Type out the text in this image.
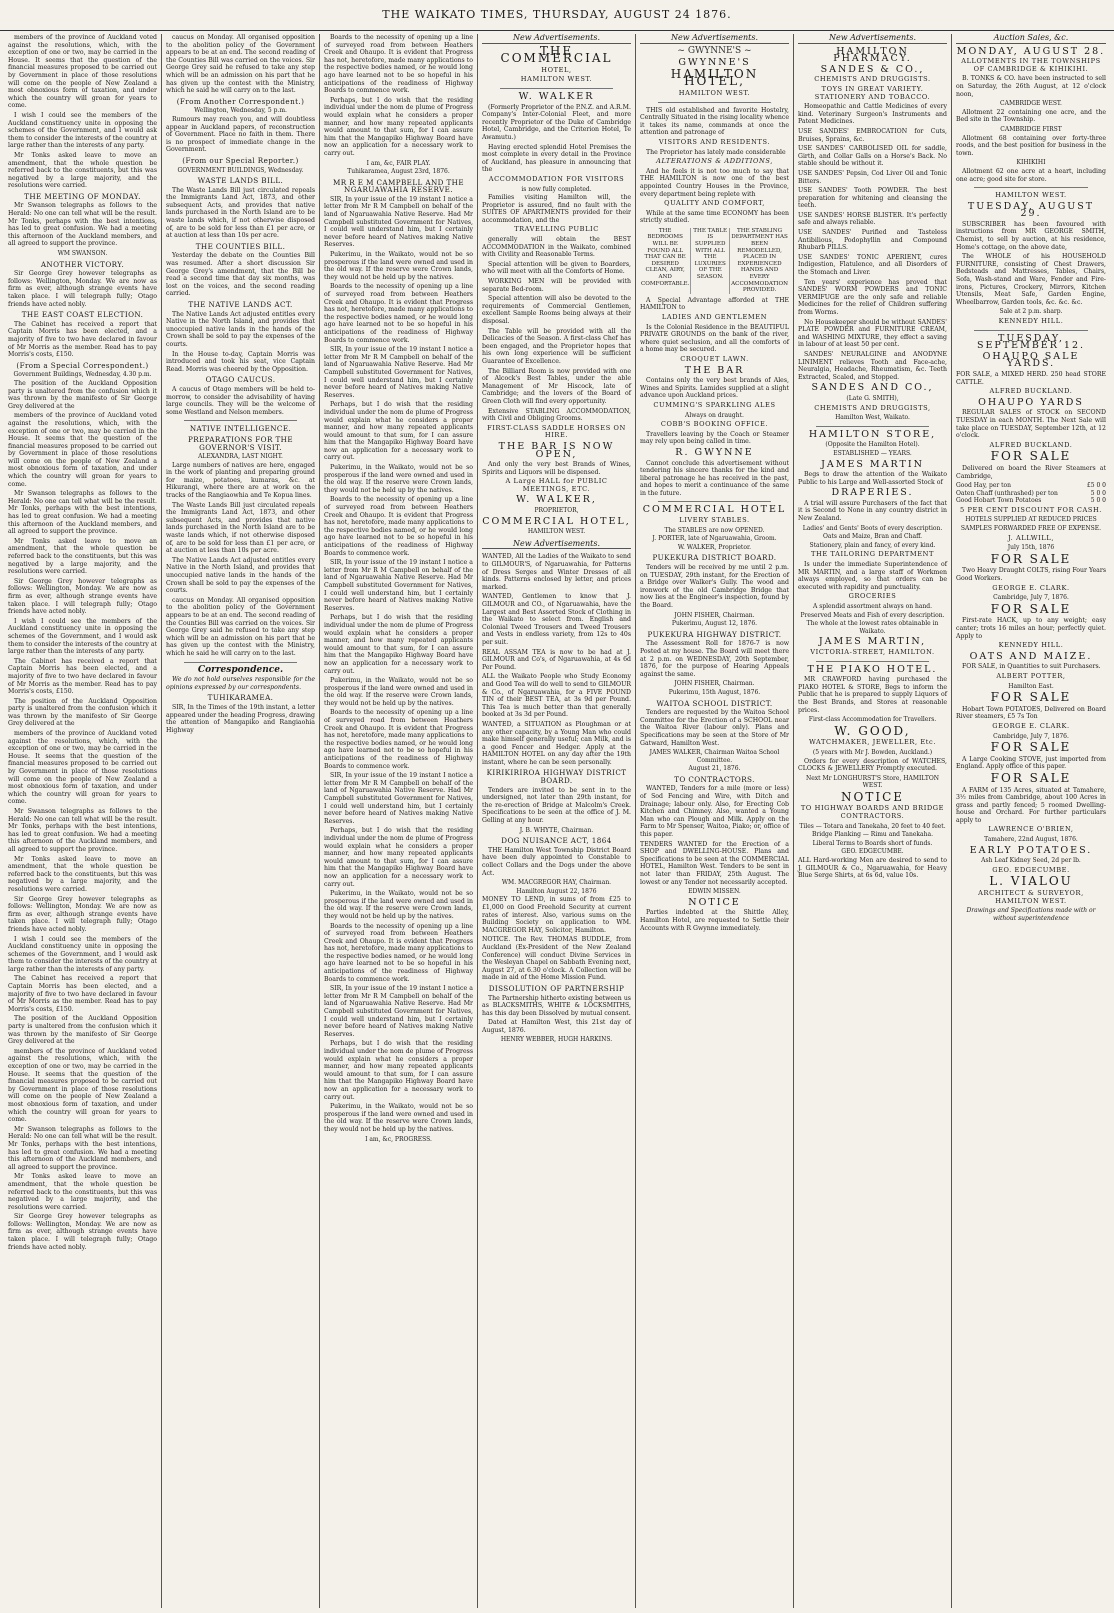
THE WAIKATO TIMES, THURSDAY, AUGUST 24 1876.

members of the province of Auckland voted against the resolutions, which, with the exception of one or two, may be carried in the House. It seems that the question of the financial measures proposed to be carried out by Government in place of those resolutions will come on the people of New Zealand a most obnoxious form of taxation, and under which the country will groan for years to come.

I wish I could see the members of the Auckland constituency unite in opposing the schemes of the Government, and I would ask them to consider the interests of the country at large rather than the interests of any party.

Mr Tonks asked leave to move an amendment, that the whole question be referred back to the constituents, but this was negatived by a large majority, and the resolutions were carried.

THE MEETING OF MONDAY.

Mr Swanson telegraphs as follows to the Herald: No one can tell what will be the result. Mr Tonks, perhaps with the best intentions, has led to great confusion. We had a meeting this afternoon of the Auckland members, and all agreed to support the province.

WM SWANSON.
ANOTHER VICTORY.

Sir George Grey however telegraphs as follows: Wellington, Monday. We are now as firm as ever, although strange events have taken place. I will telegraph fully; Otago friends have acted nobly.

THE EAST COAST ELECTION.

The Cabinet has received a report that Captain Morris has been elected, and a majority of five to two have declared in favour of Mr Morris as the member. Read has to pay Morris's costs, £150.

(From a Special Correspondent.)
Government Buildings, Wednesday, 4.30 p.m.

The position of the Auckland Opposition party is unaltered from the confusion which it was thrown by the manifesto of Sir George Grey delivered at the

members of the province of Auckland voted against the resolutions, which, with the exception of one or two, may be carried in the House. It seems that the question of the financial measures proposed to be carried out by Government in place of those resolutions will come on the people of New Zealand a most obnoxious form of taxation, and under which the country will groan for years to come.

Mr Swanson telegraphs as follows to the Herald: No one can tell what will be the result. Mr Tonks, perhaps with the best intentions, has led to great confusion. We had a meeting this afternoon of the Auckland members, and all agreed to support the province.

Mr Tonks asked leave to move an amendment, that the whole question be referred back to the constituents, but this was negatived by a large majority, and the resolutions were carried.

Sir George Grey however telegraphs as follows: Wellington, Monday. We are now as firm as ever, although strange events have taken place. I will telegraph fully; Otago friends have acted nobly.

I wish I could see the members of the Auckland constituency unite in opposing the schemes of the Government, and I would ask them to consider the interests of the country at large rather than the interests of any party.

The Cabinet has received a report that Captain Morris has been elected, and a majority of five to two have declared in favour of Mr Morris as the member. Read has to pay Morris's costs, £150.

The position of the Auckland Opposition party is unaltered from the confusion which it was thrown by the manifesto of Sir George Grey delivered at the

members of the province of Auckland voted against the resolutions, which, with the exception of one or two, may be carried in the House. It seems that the question of the financial measures proposed to be carried out by Government in place of those resolutions will come on the people of New Zealand a most obnoxious form of taxation, and under which the country will groan for years to come.

Mr Swanson telegraphs as follows to the Herald: No one can tell what will be the result. Mr Tonks, perhaps with the best intentions, has led to great confusion. We had a meeting this afternoon of the Auckland members, and all agreed to support the province.

Mr Tonks asked leave to move an amendment, that the whole question be referred back to the constituents, but this was negatived by a large majority, and the resolutions were carried.

Sir George Grey however telegraphs as follows: Wellington, Monday. We are now as firm as ever, although strange events have taken place. I will telegraph fully; Otago friends have acted nobly.

I wish I could see the members of the Auckland constituency unite in opposing the schemes of the Government, and I would ask them to consider the interests of the country at large rather than the interests of any party.

The Cabinet has received a report that Captain Morris has been elected, and a majority of five to two have declared in favour of Mr Morris as the member. Read has to pay Morris's costs, £150.

The position of the Auckland Opposition party is unaltered from the confusion which it was thrown by the manifesto of Sir George Grey delivered at the

members of the province of Auckland voted against the resolutions, which, with the exception of one or two, may be carried in the House. It seems that the question of the financial measures proposed to be carried out by Government in place of those resolutions will come on the people of New Zealand a most obnoxious form of taxation, and under which the country will groan for years to come.

Mr Swanson telegraphs as follows to the Herald: No one can tell what will be the result. Mr Tonks, perhaps with the best intentions, has led to great confusion. We had a meeting this afternoon of the Auckland members, and all agreed to support the province.

Mr Tonks asked leave to move an amendment, that the whole question be referred back to the constituents, but this was negatived by a large majority, and the resolutions were carried.

Sir George Grey however telegraphs as follows: Wellington, Monday. We are now as firm as ever, although strange events have taken place. I will telegraph fully; Otago friends have acted nobly.

caucus on Monday. All organised opposition to the abolition policy of the Government appears to be at an end. The second reading of the Counties Bill was carried on the voices. Sir George Grey said he refused to take any step which will be an admission on his part that he has given up the contest with the Ministry, which he said he will carry on to the last.

(From Another Correspondent.)
Wellington, Wednesday, 5 p.m.

Rumours may reach you, and will doubtless appear in Auckland papers, of reconstruction of Government. Place no faith in them. There is no prospect of immediate change in the Government.

(From our Special Reporter.)
GOVERNMENT BUILDINGS, Wednesday.
WASTE LANDS BILL.

The Waste Lands Bill just circulated repeals the Immigrants Land Act, 1873, and other subsequent Acts, and provides that native lands purchased in the North Island are to be waste lands which, if not otherwise disposed of, are to be sold for less than £1 per acre, or at auction at less than 10s per acre.

THE COUNTIES BILL.

Yesterday the debate on the Counties Bill was resumed. After a short discussion Sir George Grey's amendment, that the Bill be read a second time that day six months, was lost on the voices, and the second reading carried.

THE NATIVE LANDS ACT.

The Native Lands Act adjusted entitles every Native in the North Island, and provides that unoccupied native lands in the hands of the Crown shall be sold to pay the expenses of the courts.

In the House to-day, Captain Morris was introduced and took his seat, vice Captain Read. Morris was cheered by the Opposition.

OTAGO CAUCUS.

A caucus of Otago members will be held to-morrow, to consider the advisability of having large councils. They will be the welcome of some Westland and Nelson members.

NATIVE INTELLIGENCE.
PREPARATIONS FOR THE GOVERNOR'S VISIT.
ALEXANDRA, LAST NIGHT.

Large numbers of natives are here, engaged in the work of planting and preparing ground for maize, potatoes, kumaras, &c. at Hikurangi, where there are at work on the tracks of the Rangiaowhia and Te Kopua lines.

The Waste Lands Bill just circulated repeals the Immigrants Land Act, 1873, and other subsequent Acts, and provides that native lands purchased in the North Island are to be waste lands which, if not otherwise disposed of, are to be sold for less than £1 per acre, or at auction at less than 10s per acre.

The Native Lands Act adjusted entitles every Native in the North Island, and provides that unoccupied native lands in the hands of the Crown shall be sold to pay the expenses of the courts.

caucus on Monday. All organised opposition to the abolition policy of the Government appears to be at an end. The second reading of the Counties Bill was carried on the voices. Sir George Grey said he refused to take any step which will be an admission on his part that he has given up the contest with the Ministry, which he said he will carry on to the last.

Correspondence.

We do not hold ourselves responsible for the opinions expressed by our correspondents.

TUHIKARAMEA.

SIR, In the Times of the 19th instant, a letter appeared under the heading Progress, drawing the attention of Mangapiko and Rangiaohia Highway

Boards to the necessity of opening up a line of surveyed road from between Heathers Creek and Ohaupo. It is evident that Progress has not, heretofore, made many applications to the respective bodies named, or he would long ago have learned not to be so hopeful in his anticipations of the readiness of Highway Boards to commence work.

Perhaps, but I do wish that the residing individual under the nom de plume of Progress would explain what he considers a proper manner, and how many repeated applicants would amount to that sum, for I can assure him that the Mangapiko Highway Board have now an application for a necessary work to carry out.

I am, &c, FAIR PLAY.
Tuhikaramea, August 23rd, 1876.
MR R E M CAMPBELL AND THE NGARUAWAHIA RESERVE.

SIR, In your issue of the 19 instant I notice a letter from Mr R M Campbell on behalf of the land of Ngaruawahia Native Reserve. Had Mr Campbell substituted Government for Natives, I could well understand him, but I certainly never before heard of Natives making Native Reserves.

Pukerimu, in the Waikato, would not be so prosperous if the land were owned and used in the old way. If the reserve were Crown lands, they would not be held up by the natives.

Boards to the necessity of opening up a line of surveyed road from between Heathers Creek and Ohaupo. It is evident that Progress has not, heretofore, made many applications to the respective bodies named, or he would long ago have learned not to be so hopeful in his anticipations of the readiness of Highway Boards to commence work.

SIR, In your issue of the 19 instant I notice a letter from Mr R M Campbell on behalf of the land of Ngaruawahia Native Reserve. Had Mr Campbell substituted Government for Natives, I could well understand him, but I certainly never before heard of Natives making Native Reserves.

Perhaps, but I do wish that the residing individual under the nom de plume of Progress would explain what he considers a proper manner, and how many repeated applicants would amount to that sum, for I can assure him that the Mangapiko Highway Board have now an application for a necessary work to carry out.

Pukerimu, in the Waikato, would not be so prosperous if the land were owned and used in the old way. If the reserve were Crown lands, they would not be held up by the natives.

Boards to the necessity of opening up a line of surveyed road from between Heathers Creek and Ohaupo. It is evident that Progress has not, heretofore, made many applications to the respective bodies named, or he would long ago have learned not to be so hopeful in his anticipations of the readiness of Highway Boards to commence work.

SIR, In your issue of the 19 instant I notice a letter from Mr R M Campbell on behalf of the land of Ngaruawahia Native Reserve. Had Mr Campbell substituted Government for Natives, I could well understand him, but I certainly never before heard of Natives making Native Reserves.

Perhaps, but I do wish that the residing individual under the nom de plume of Progress would explain what he considers a proper manner, and how many repeated applicants would amount to that sum, for I can assure him that the Mangapiko Highway Board have now an application for a necessary work to carry out.

Pukerimu, in the Waikato, would not be so prosperous if the land were owned and used in the old way. If the reserve were Crown lands, they would not be held up by the natives.

Boards to the necessity of opening up a line of surveyed road from between Heathers Creek and Ohaupo. It is evident that Progress has not, heretofore, made many applications to the respective bodies named, or he would long ago have learned not to be so hopeful in his anticipations of the readiness of Highway Boards to commence work.

SIR, In your issue of the 19 instant I notice a letter from Mr R M Campbell on behalf of the land of Ngaruawahia Native Reserve. Had Mr Campbell substituted Government for Natives, I could well understand him, but I certainly never before heard of Natives making Native Reserves.

Perhaps, but I do wish that the residing individual under the nom de plume of Progress would explain what he considers a proper manner, and how many repeated applicants would amount to that sum, for I can assure him that the Mangapiko Highway Board have now an application for a necessary work to carry out.

Pukerimu, in the Waikato, would not be so prosperous if the land were owned and used in the old way. If the reserve were Crown lands, they would not be held up by the natives.

Boards to the necessity of opening up a line of surveyed road from between Heathers Creek and Ohaupo. It is evident that Progress has not, heretofore, made many applications to the respective bodies named, or he would long ago have learned not to be so hopeful in his anticipations of the readiness of Highway Boards to commence work.

SIR, In your issue of the 19 instant I notice a letter from Mr R M Campbell on behalf of the land of Ngaruawahia Native Reserve. Had Mr Campbell substituted Government for Natives, I could well understand him, but I certainly never before heard of Natives making Native Reserves.

Perhaps, but I do wish that the residing individual under the nom de plume of Progress would explain what he considers a proper manner, and how many repeated applicants would amount to that sum, for I can assure him that the Mangapiko Highway Board have now an application for a necessary work to carry out.

Pukerimu, in the Waikato, would not be so prosperous if the land were owned and used in the old way. If the reserve were Crown lands, they would not be held up by the natives.

I am, &c, PROGRESS.
New Advertisements.
THE COMMERCIAL
HOTEL,
HAMILTON WEST.
W. WALKER

(Formerly Proprietor of the P.N.Z. and A.R.M. Company's Inter-Colonial Fleet, and more recently Proprietor of the Duke of Cambridge Hotel, Cambridge, and the Criterion Hotel, Te Awamutu.)

Having erected splendid Hotel Premises the most complete in every detail in the Province of Auckland, has pleasure in announcing that the

ACCOMMODATION FOR VISITORS
is now fully completed.

Families visiting Hamilton will, the Proprietor is assured, find no fault with the SUITES OF APARTMENTS provided for their accommodation, and the

TRAVELLING PUBLIC

generally will obtain the BEST ACCOMMODATION in the Waikato, combined with Civility and Reasonable Terms.

Special attention will be given to Boarders, who will meet with all the Comforts of Home.

WORKING MEN will be provided with separate Bed-room.

Special attention will also be devoted to the requirements of Commercial Gentlemen, excellent Sample Rooms being always at their disposal.

The Table will be provided with all the Delicacies of the Season. A first-class Chef has been engaged, and the Proprietor hopes that his own long experience will be sufficient Guarantee of Excellence.

The Billiard Room is now provided with one of Alcock's Best Tables, under the able Management of Mr Hiscock, late of Cambridge; and the lovers of the Board of Green Cloth will find every opportunity.

Extensive STABLING ACCOMMODATION, with Civil and Obliging Grooms.

FIRST-CLASS SADDLE HORSES ON HIRE.
THE BAR IS NOW OPEN,

And only the very best Brands of Wines, Spirits and Liquors will be dispensed.

A Large HALL for PUBLIC MEETINGS, ETC.
W. WALKER,
PROPRIETOR,
COMMERCIAL HOTEL,
HAMILTON WEST.
New Advertisements.

WANTED, All the Ladies of the Waikato to send to GILMOUR'S, of Ngaruawahia, for Patterns of Dress Serges and Winter Dresses of all kinds. Patterns enclosed by letter, and prices marked.

WANTED, Gentlemen to know that J. GILMOUR and CO., of Ngaruawahia, have the Largest and Best Assorted Stock of Clothing in the Waikato to select from. English and Colonial Tweed Trousers and Tweed Trousers and Vests in endless variety, from 12s to 40s per suit.

REAL ASSAM TEA is now to be had at J. GILMOUR and Co's, of Ngaruawahia, at 4s 6d Per Pound.

ALL the Waikato People who Study Economy and Good Tea will do well to send to GILMOUR & Co., of Ngaruawahia, for a FIVE POUND TIN of their BEST TEA, at 3s 9d per Pound. This Tea is much better than that generally booked at 3s 3d per Pound.

WANTED, a SITUATION as Ploughman or at any other capacity, by a Young Man who could make himself generally useful; can Milk, and is a good Fencer and Hedger. Apply at the HAMILTON HOTEL on any day after the 19th instant, where he can be seen personally.

KIRIKIRIROA HIGHWAY DISTRICT BOARD.

Tenders are invited to be sent in to the undersigned, not later than 29th instant, for the re-erection of Bridge at Malcolm's Creek. Specifications to be seen at the office of J. M. Gelling at any hour.

J. B. WHYTE, Chairman.
DOG NUISANCE ACT, 1864

THE Hamilton West Township District Board have been duly appointed to Constable to collect Collars and the Dogs under the above Act.

WM. MACGREGOR HAY, Chairman.
Hamilton August 22, 1876

MONEY TO LEND, in sums of from £25 to £1,000 on Good Freehold Security at current rates of interest. Also, various sums on the Building Society on application to WM. MACGREGOR HAY, Solicitor, Hamilton.

NOTICE. The Rev. THOMAS BUDDLE, from Auckland (Ex-President of the New Zealand Conference) will conduct Divine Services in the Wesleyan Chapel on Sabbath Evening next, August 27, at 6.30 o'clock. A Collection will be made in aid of the Home Mission Fund.

DISSOLUTION OF PARTNERSHIP

The Partnership hitherto existing between us as BLACKSMITHS, WHITE & LOCKSMITHS, has this day been Dissolved by mutual consent.

Dated at Hamilton West, this 21st day of August, 1876.

HENRY WEBBER, HUGH HARKINS.
New Advertisements.
~ GWYNNE'S ~
GWYNNE'S
HAMILTON HOTEL,
HAMILTON WEST.

THIS old established and favorite Hostelry, Centrally Situated in the rising locality whence it takes its name, commands at once the attention and patronage of

VISITORS AND RESIDENTS.

The Proprietor has lately made considerable

ALTERATIONS & ADDITIONS,

And he feels it is not too much to say that THE HAMILTON is now one of the best appointed Country Houses in the Province, every department being replete with

QUALITY AND COMFORT,

While at the same time ECONOMY has been strictly studied.

THE BEDROOMS WILL BE FOUND ALL THAT CAN BE DESIRED CLEAN, AIRY, AND COMFORTABLE.
THE TABLE IS SUPPLIED WITH ALL THE LUXURIES OF THE SEASON.
THE STABLING DEPARTMENT HAS BEEN REMODELLED, PLACED IN EXPERIENCED HANDS AND EVERY ACCOMMODATION PROVIDED.

A Special Advantage afforded at THE HAMILTON to

LADIES AND GENTLEMEN

Is the Colonial Residence in the BEAUTIFUL PRIVATE GROUNDS on the bank of the river, where quiet seclusion, and all the comforts of a home may be secured.

CROQUET LAWN.
THE BAR

Contains only the very best brands of Ales, Wines and Spirits. Lamides supplied at a slight advance upon Auckland prices.

CUMMING'S SPARKLING ALES
Always on draught.
COBB'S BOOKING OFFICE.

Travellers leaving by the Coach or Steamer may rely upon being called in time.

R. GWYNNE

Cannot conclude this advertisement without tendering his sincere thanks for the kind and liberal patronage he has received in the past, and hopes to merit a continuance of the same in the future.

COMMERCIAL HOTEL
LIVERY STABLES.
The STABLES are now OPENED.
J. PORTER, late of Ngaruawahia, Groom.
W. WALKER, Proprietor.
PUKEKURA DISTRICT BOARD.

Tenders will be received by me until 2 p.m. on TUESDAY, 29th instant, for the Erection of a Bridge over Walker's Gully. The wood and ironwork of the old Cambridge Bridge that now lies at the Engineer's inspection, found by the Board.

JOHN FISHER, Chairman.
Pukerimu, August 12, 1876.
PUKEKURA HIGHWAY DISTRICT.

The Assessment Roll for 1876-7 is now Posted at my house. The Board will meet there at 2 p.m. on WEDNESDAY, 20th September, 1876, for the purpose of Hearing Appeals against the same.

JOHN FISHER, Chairman.
Pukerimu, 15th August, 1876.
WAITOA SCHOOL DISTRICT.

Tenders are requested by the Waitoa School Committee for the Erection of a SCHOOL near the Waitoa River (labour only). Plans and Specifications may be seen at the Store of Mr Gatward, Hamilton West.

JAMES WALKER, Chairman Waitoa School Committee.
August 21, 1876.
TO CONTRACTORS.

WANTED, Tenders for a mile (more or less) of Sod Fencing and Wire, with Ditch and Drainage; labour only. Also, for Erecting Cob Kitchen and Chimney. Also, wanted a Young Man who can Plough and Milk. Apply on the Farm to Mr Spenser, Waitoa, Piako; or, office of this paper.

TENDERS WANTED for the Erection of a SHOP and DWELLING-HOUSE. Plans and Specifications to be seen at the COMMERCIAL HOTEL, Hamilton West. Tenders to be sent in not later than FRIDAY, 25th August. The lowest or any Tender not necessarily accepted.

EDWIN MISSEN.
NOTICE

Parties indebted at the Shittle Alley, Hamilton Hotel, are requested to Settle their Accounts with R Gwynne immediately.

New Advertisements.
HAMILTON PHARMACY.
SANDES & CO.,
CHEMISTS AND DRUGGISTS.
TOYS IN GREAT VARIETY. STATIONERY AND TOBACCO.

Homeopathic and Cattle Medicines of every kind. Veterinary Surgeon's Instruments and Patent Medicines.

USE SANDES' EMBROCATION for Cuts, Bruises, Sprains, &c.

USE SANDES' CARBOLISED OIL for saddle, Girth, and Collar Galls on a Horse's Back. No stable should be without it.

USE SANDES' Pepsin, Cod Liver Oil and Tonic Bitters.

USE SANDES' Tooth POWDER. The best preparation for whitening and cleansing the teeth.

USE SANDES' HORSE BLISTER. It's perfectly safe and always reliable.

USE SANDES' Purified and Tasteless Antibilious, Podophyllin and Compound Rhubarb PILLS.

USE SANDES' TONIC APERIENT, cures Indigestion, Flatulence, and all Disorders of the Stomach and Liver.

Ten years' experience has proved that SANDES' WORM POWDERS and TONIC VERMIFUGE are the only safe and reliable Medicines for the relief of Children suffering from Worms.

No Housekeeper should be without SANDES' PLATE POWDER and FURNITURE CREAM, and WASHING MIXTURE, they effect a saving in labour of at least 50 per cent.

SANDES' NEURALGINE and ANODYNE LINIMENT relieves Tooth and Face-ache, Neuralgia, Headache, Rheumatism, &c. Teeth Extracted, Scaled, and Stopped.

SANDES AND CO.,
(Late G. SMITH),
CHEMISTS AND DRUGGISTS,
Hamilton West, Waikato.
HAMILTON STORE,
(Opposite the Hamilton Hotel).
ESTABLISHED — YEARS.
JAMES MARTIN

Begs to draw the attention of the Waikato Public to his Large and Well-assorted Stock of

DRAPERIES.

A trial will assure Purchasers of the fact that it is Second to None in any country district in New Zealand.

Ladies' and Gents' Boots of every description.
Oats and Maize, Bran and Chaff.
Stationery, plain and fancy, of every kind.
THE TAILORING DEPARTMENT

Is under the immediate Superintendence of MR MARTIN, and a large staff of Workmen always employed, so that orders can be executed with rapidity and punctuality.

GROCERIES
A splendid assortment always on hand.
Preserved Meats and Fish of every description.
The whole at the lowest rates obtainable in Waikato.
JAMES MARTIN,
VICTORIA-STREET, HAMILTON.
THE PIAKO HOTEL.

MR CRAWFORD having purchased the PIAKO HOTEL & STORE, Begs to inform the Public that he is prepared to supply Liquors of the Best Brands, and Stores at reasonable prices.

First-class Accommodation for Travellers.
W. GOOD,
WATCHMAKER, JEWELLER, Etc.
(5 years with Mr J. Bowden, Auckland.)

Orders for every description of WATCHES, CLOCKS & JEWELLERY Promptly executed.

Next Mr LONGHURST'S Store, HAMILTON WEST.
NOTICE
TO HIGHWAY BOARDS AND BRIDGE CONTRACTORS.
Tiles — Totara and Tanekaha, 20 feet to 40 feet.
Bridge Planking — Rimu and Tanekaha.
Liberal Terms to Boards short of funds.
GEO. EDGECUMBE.

ALL Hard-working Men are desired to send to J. GILMOUR & Co., Ngaruawahia, for Heavy Blue Serge Shirts, at 6s 6d, value 10s.

Auction Sales, &c.
MONDAY, AUGUST 28.
ALLOTMENTS IN THE TOWNSHIPS OF CAMBRIDGE & KIHIKIHI.

B. TONKS & CO. have been instructed to sell on Saturday, the 26th August, at 12 o'clock noon,

CAMBRIDGE WEST.

Allotment 22 containing one acre, and the Bed site in the Township.

CAMBRIDGE FIRST

Allotment 68 containing over forty-three roods, and the best position for business in the town.

KIHIKIHI

Allotment 62 one acre at a heart, including one acre; good site for store.

HAMILTON WEST.
TUESDAY, AUGUST 29.

SUBSCRIBER has been favoured with instructions from MR GEORGE SMITH, Chemist, to sell by auction, at his residence, Home's cottage, on the above date,

The WHOLE of his HOUSEHOLD FURNITURE, consisting of Chest Drawers, Bedsteads and Mattresses, Tables, Chairs, Sofa, Wash-stand and Ware, Fender and Fire-irons, Pictures, Crockery, Mirrors, Kitchen Utensils, Meat Safe, Garden Engine, Wheelbarrow, Garden tools, &c. &c. &c.

Sale at 2 p.m. sharp.
KENNEDY HILL.
TUESDAY, SEPTEMBER 12.
OHAUPO SALE YARDS.

FOR SALE, a MIXED HERD. 250 head STORE CATTLE.

ALFRED BUCKLAND.
OHAUPO YARDS

REGULAR SALES of STOCK on SECOND TUESDAY in each MONTH. The Next Sale will take place on TUESDAY, September 12th, at 12 o'clock.

ALFRED BUCKLAND.
FOR SALE

Delivered on board the River Steamers at Cambridge,

Good Hay, per ton	£5 0 0
Oaten Chaff (unthrashed) per ton	5 0 0
Good Hobart Town Potatoes	5 0 0
5 PER CENT DISCOUNT FOR CASH.
HOTELS SUPPLIED AT REDUCED PRICES
SAMPLES FORWARDED FREE OF EXPENSE.
J. ALLWILL,
July 15th, 1876
FOR SALE

Two Heavy Draught COLTS, rising Four Years Good Workers.

GEORGE E. CLARK.
Cambridge, July 7, 1876.
FOR SALE

First-rate HACK, up to any weight; easy canter; trots 16 miles an hour; perfectly quiet. Apply to

KENNEDY HILL.
OATS AND MAIZE.

FOR SALE, in Quantities to suit Purchasers.

ALBERT POTTER,
Hamilton East.
FOR SALE

Hobart Town POTATOES, Delivered on Board River steamers, £5 7s Ton

GEORGE E. CLARK.
Cambridge, July 7, 1876.
FOR SALE

A Large Cooking STOVE, just imported from England. Apply office of this paper.

FOR SALE

A FARM of 135 Acres, situated at Tamahere, 3½ miles from Cambridge, about 100 Acres in grass and partly fenced; 5 roomed Dwelling-house and Orchard. For further particulars apply to

LAWRENCE O'BRIEN,
Tamahere, 22nd August, 1876.
EARLY POTATOES.
Ash Leaf Kidney Seed, 2d per lb.
GEO. EDGECUMBE.
L. VIALOU
ARCHITECT & SURVEYOR, HAMILTON WEST.
Drawings and Specifications made with or without superintendence
